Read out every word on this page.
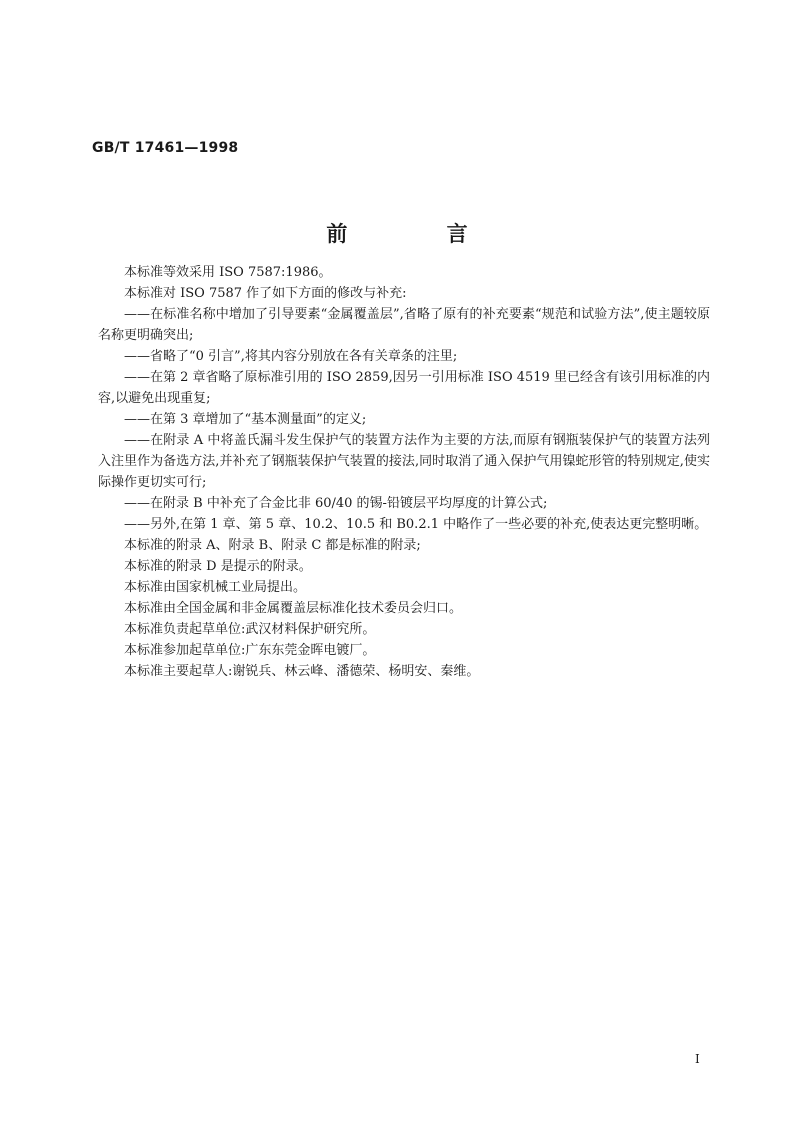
GB/T 17461—1998
前 言

本标准等效采用 ISO 7587:1986。

本标准对 ISO 7587 作了如下方面的修改与补充:

——在标准名称中增加了引导要素“金属覆盖层”,省略了原有的补充要素“规范和试验方法”,使主题较原名称更明确突出;

——省略了“0 引言”,将其内容分别放在各有关章条的注里;

——在第 2 章省略了原标准引用的 ISO 2859,因另一引用标准 ISO 4519 里已经含有该引用标准的内容,以避免出现重复;

——在第 3 章增加了“基本测量面”的定义;

——在附录 A 中将盖氏漏斗发生保护气的装置方法作为主要的方法,而原有钢瓶装保护气的装置方法列入注里作为备选方法,并补充了钢瓶装保护气装置的接法,同时取消了通入保护气用镍蛇形管的特别规定,使实际操作更切实可行;

——在附录 B 中补充了合金比非 60/40 的锡-铅镀层平均厚度的计算公式;

——另外,在第 1 章、第 5 章、10.2、10.5 和 B0.2.1 中略作了一些必要的补充,使表达更完整明晰。

本标准的附录 A、附录 B、附录 C 都是标准的附录;

本标准的附录 D 是提示的附录。

本标准由国家机械工业局提出。

本标准由全国金属和非金属覆盖层标准化技术委员会归口。

本标准负责起草单位:武汉材料保护研究所。

本标准参加起草单位:广东东莞金晖电镀厂。

本标准主要起草人:谢锐兵、林云峰、潘德荣、杨明安、秦维。

I
